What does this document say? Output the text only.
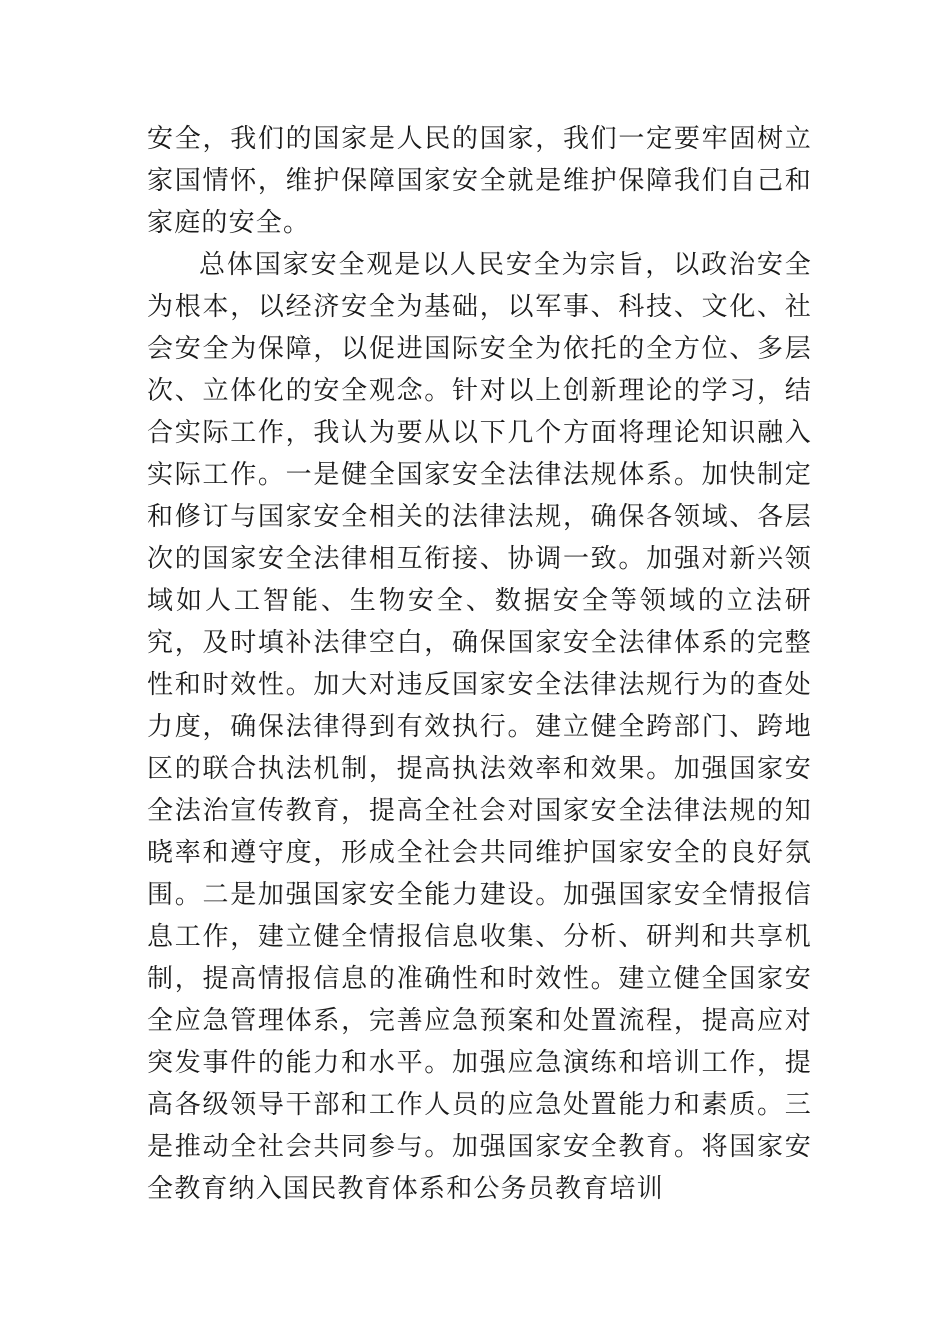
安全，我们的国家是人民的国家，我们一定要牢固树立家国情怀，维护保障国家安全就是维护保障我们自己和家庭的安全。

总体国家安全观是以人民安全为宗旨，以政治安全为根本，以经济安全为基础，以军事、科技、文化、社会安全为保障，以促进国际安全为依托的全方位、多层次、立体化的安全观念。针对以上创新理论的学习，结合实际工作，我认为要从以下几个方面将理论知识融入实际工作。一是健全国家安全法律法规体系。加快制定和修订与国家安全相关的法律法规，确保各领域、各层次的国家安全法律相互衔接、协调一致。加强对新兴领域如人工智能、生物安全、数据安全等领域的立法研究，及时填补法律空白，确保国家安全法律体系的完整性和时效性。加大对违反国家安全法律法规行为的查处力度，确保法律得到有效执行。建立健全跨部门、跨地区的联合执法机制，提高执法效率和效果。加强国家安全法治宣传教育，提高全社会对国家安全法律法规的知晓率和遵守度，形成全社会共同维护国家安全的良好氛围。二是加强国家安全能力建设。加强国家安全情报信息工作，建立健全情报信息收集、分析、研判和共享机制，提高情报信息的准确性和时效性。建立健全国家安全应急管理体系，完善应急预案和处置流程，提高应对突发事件的能力和水平。加强应急演练和培训工作，提高各级领导干部和工作人员的应急处置能力和素质。三是推动全社会共同参与。加强国家安全教育。将国家安全教育纳入国民教育体系和公务员教育培训
